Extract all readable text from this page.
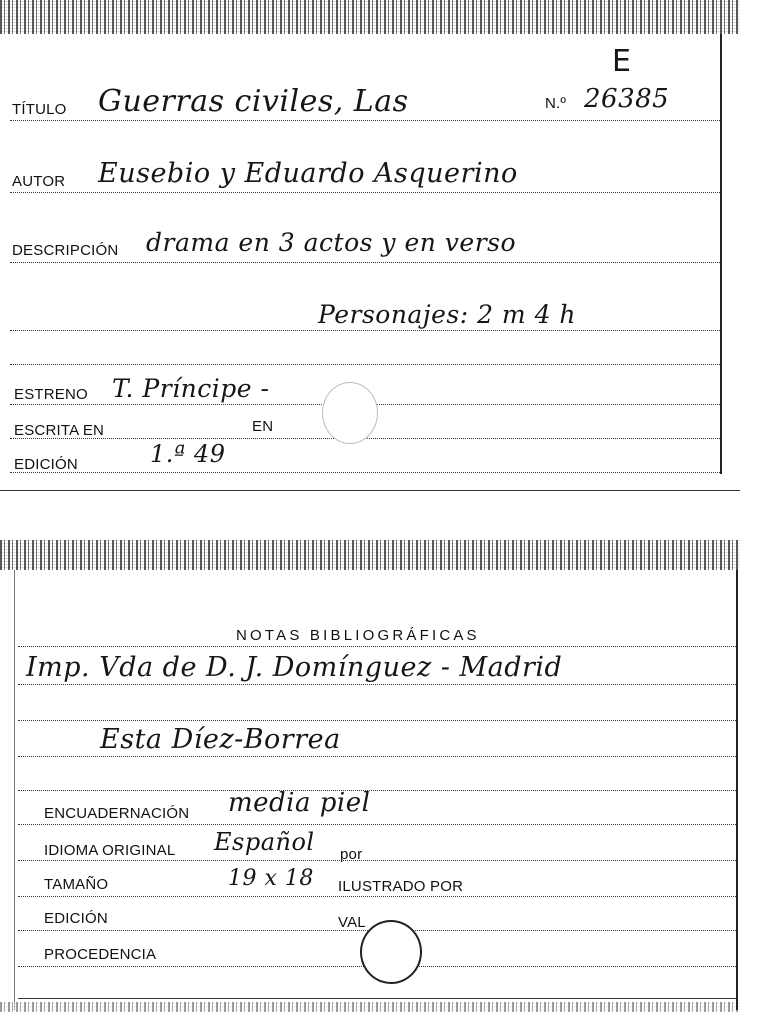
E
TÍTULO Guerras civiles, Las	N.º 26385
AUTOR Eusebio y Eduardo Asquerino
DESCRIPCIÓN drama en 3 actos y en verso
Personajes: 2 m 4 h
ESTRENO T. Príncipe -
ESCRITA EN	EN
EDICIÓN	1.ª 49
NOTAS BIBLIOGRÁFICAS
Imp. Vda de D. J. Domínguez - Madrid
Esta Díez-Borrea
ENCUADERNACIÓN media piel
IDIOMA ORIGINAL Español por
TAMAÑO	19 x 18 ILUSTRADO POR
EDICIÓN	VAL
PROCEDENCIA
